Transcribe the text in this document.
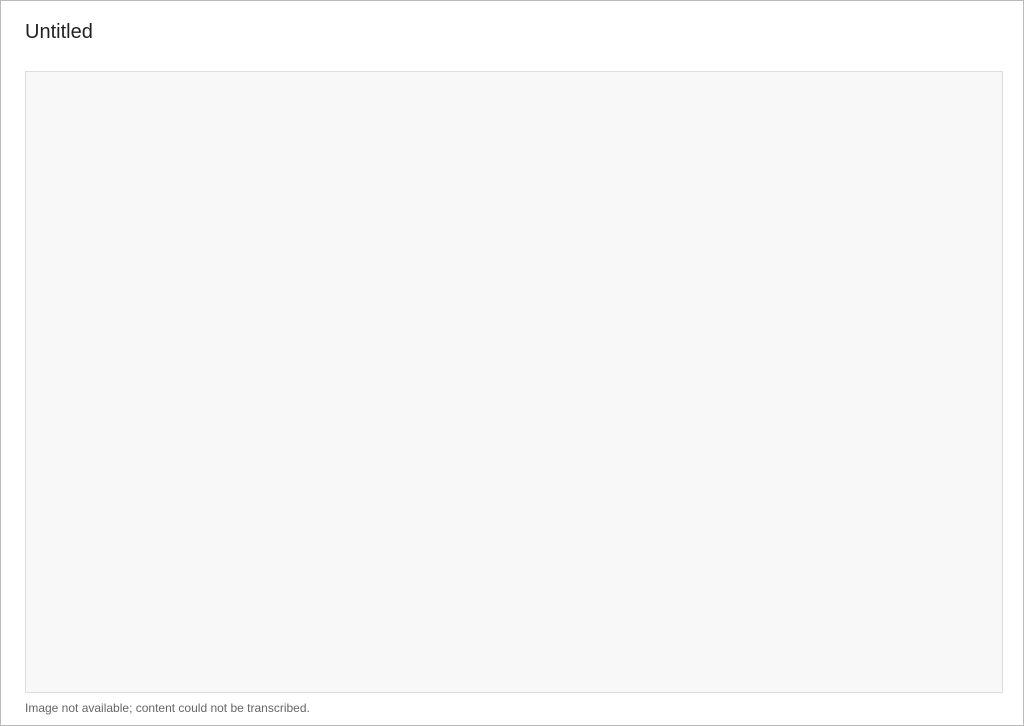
Untitled
Image not available; content could not be transcribed.
